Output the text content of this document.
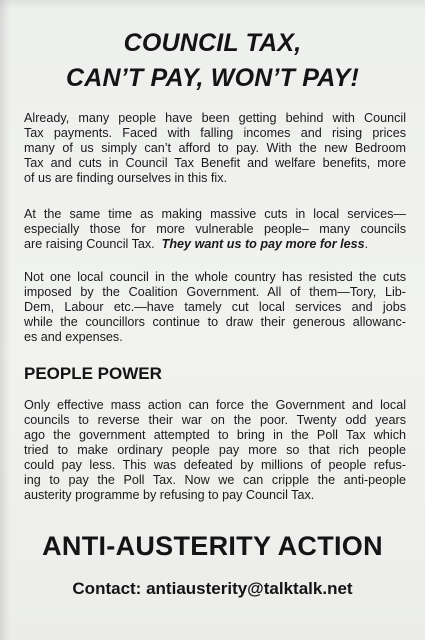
COUNCIL TAX,
CAN’T PAY, WON’T PAY!
Already, many people have been getting behind with Council
Tax payments. Faced with falling incomes and rising prices
many of us simply can’t afford to pay. With the new Bedroom
Tax and cuts in Council Tax Benefit and welfare benefits, more
of us are finding ourselves in this fix.
At the same time as making massive cuts in local services—
especially those for more vulnerable people– many councils
are raising Council Tax.  They want us to pay more for less.
Not one local council in the whole country has resisted the cuts
imposed by the Coalition Government. All of them—Tory, Lib-
Dem, Labour etc.—have tamely cut local services and jobs
while the councillors continue to draw their generous allowanc-
es and expenses.
PEOPLE POWER
Only effective mass action can force the Government and local
councils to reverse their war on the poor. Twenty odd years
ago the government attempted to bring in the Poll Tax which
tried to make ordinary people pay more so that rich people
could pay less. This was defeated by millions of people refus-
ing to pay the Poll Tax. Now we can cripple the anti-people
austerity programme by refusing to pay Council Tax.
ANTI-AUSTERITY ACTION
Contact: antiausterity@talktalk.net
